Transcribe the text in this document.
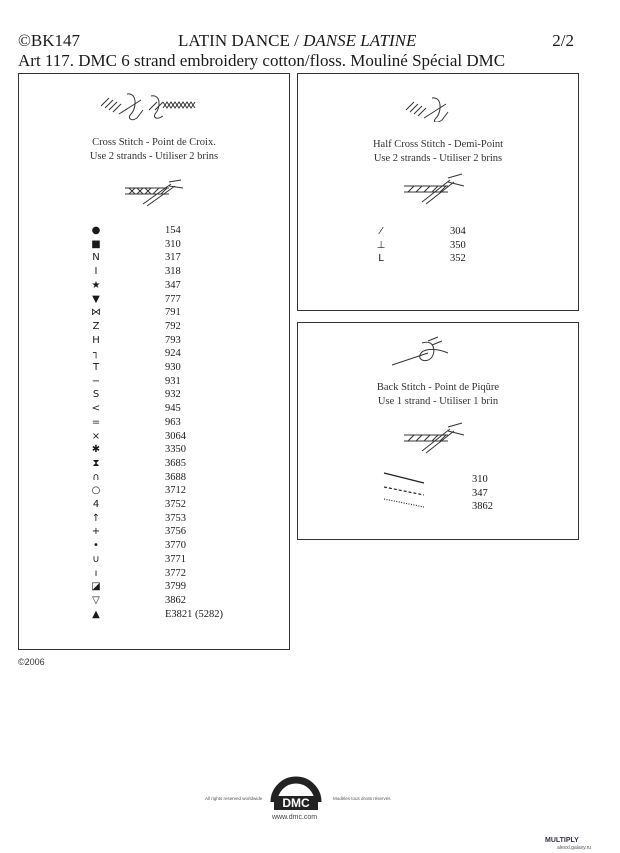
©BK147	LATIN DANCE / DANSE LATINE	2/2
Art 117. DMC 6 strand embroidery cotton/floss. Mouliné Spécial DMC
Cross Stitch - Point de Croix.
Use 2 strands - Utiliser 2 brins
●	154
■	310
N	317
I	318
★	347
▼	777
⋈	791
Z	792
H	793
┐	924
T	930
−	931
S	932
<	945
=	963
×	3064
✱	3350
⧗	3685
∩	3688
○	3712
4	3752
↑	3753
+	3756
•	3770
∪	3771
ı	3772
◪	3799
▽	3862
▲	E3821 (5282)
Half Cross Stitch - Demi-Point
Use 2 strands - Utiliser 2 brins
⁄	304
⊥	350
L	352
Back Stitch - Point de Piqûre
Use 1 strand - Utiliser 1 brin
310
347
3862
©2006
All rights reserved worldwide DMC	Modèles tous droits réservés
www.dmc.com
MULTIPLY
alexxl.galaxy.ru
